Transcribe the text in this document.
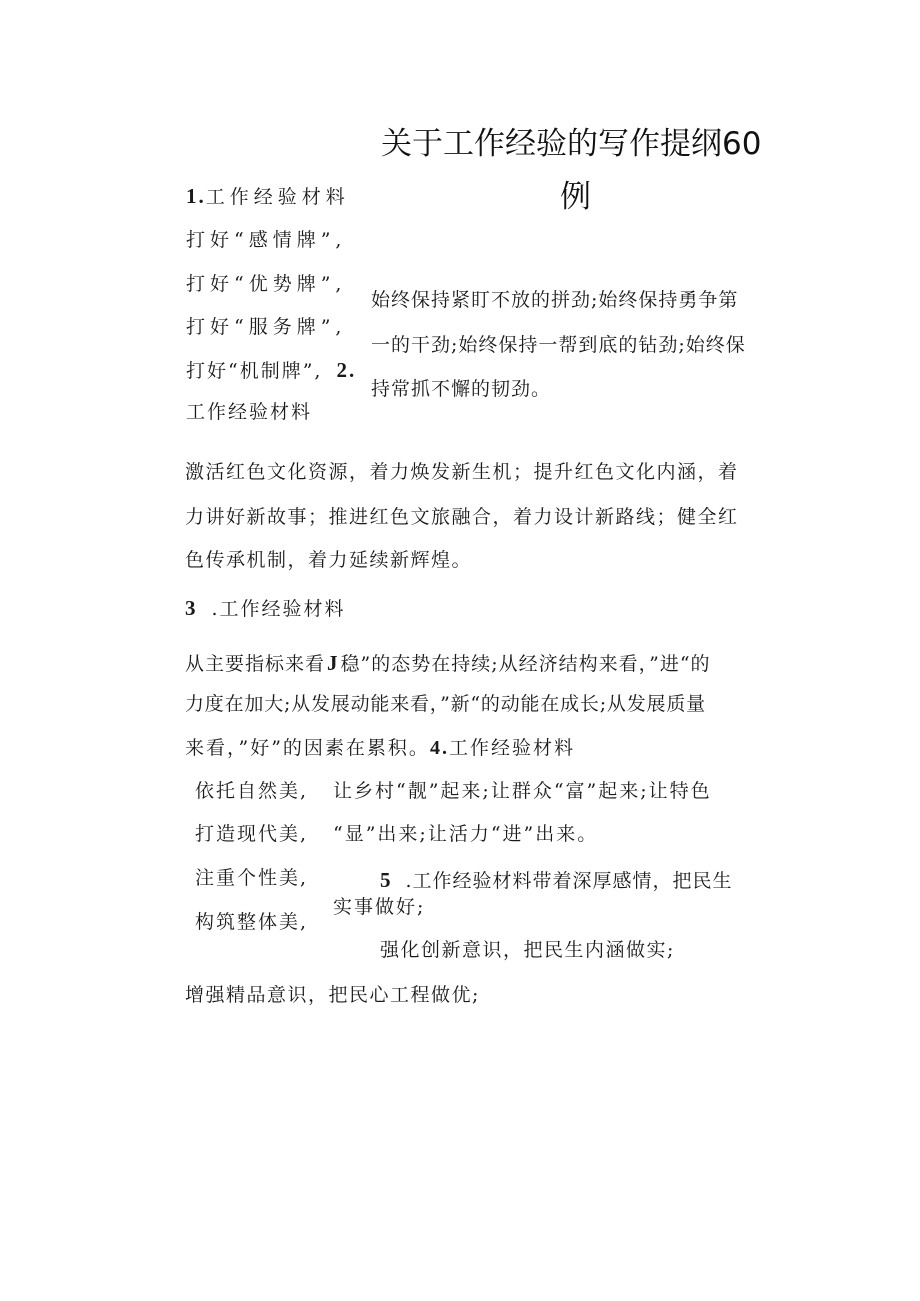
关于工作经验的写作提纲60
例
1.工作经验材料
打好“感情牌”,
打好“优势牌”,
打好“服务牌”,
打好“机制牌”, 2.
工作经验材料
始终保持紧盯不放的拼劲;始终保持勇争第
一的干劲;始终保持一帮到底的钻劲;始终保
持常抓不懈的韧劲。
激活红色文化资源，着力焕发新生机；提升红色文化内涵，着
力讲好新故事；推进红色文旅融合，着力设计新路线；健全红
色传承机制，着力延续新辉煌。
3 .工作经验材料
从主要指标来看J 稳”的态势在持续;从经济结构来看，”进“的
力度在加大;从发展动能来看，”新“的动能在成长;从发展质量
来看，”好”的因素在累积。4.工作经验材料
依托自然美,
打造现代美,
注重个性美,
构筑整体美,
让乡村“靓”起来;让群众“富”起来;让特色
“显”出来;让活力“进”出来。
5 .工作经验材料带着深厚感情，把民生
实事做好;
强化创新意识，把民生内涵做实;
增强精品意识，把民心工程做优;
